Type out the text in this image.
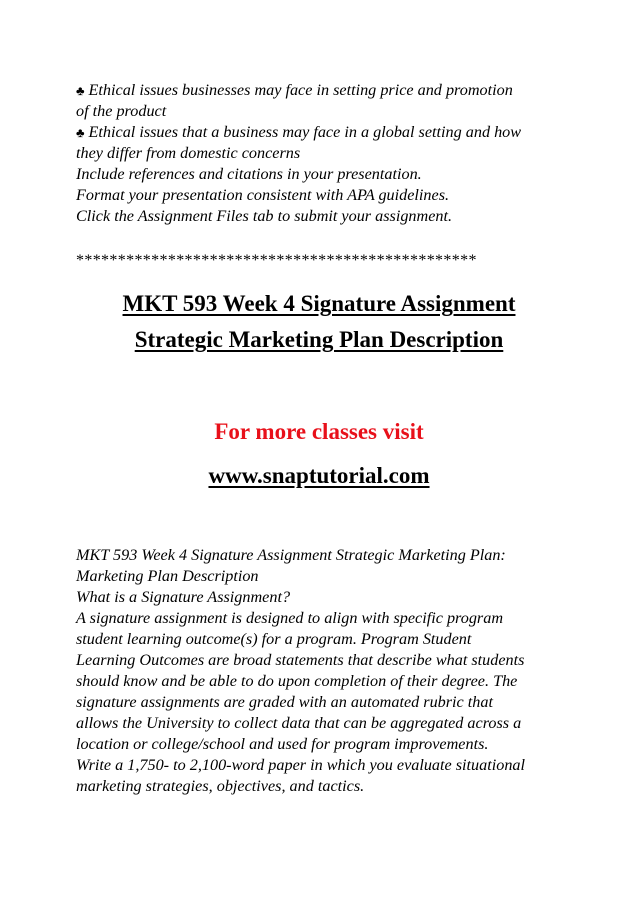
♣ Ethical issues businesses may face in setting price and promotion
of the product
♣ Ethical issues that a business may face in a global setting and how
they differ from domestic concerns
Include references and citations in your presentation.
Format your presentation consistent with APA guidelines.
Click the Assignment Files tab to submit your assignment.
************************************************
MKT 593 Week 4 Signature Assignment
Strategic Marketing Plan Description
For more classes visit
www.snaptutorial.com
MKT 593 Week 4 Signature Assignment Strategic Marketing Plan:
Marketing Plan Description
What is a Signature Assignment?
A signature assignment is designed to align with specific program
student learning outcome(s) for a program. Program Student
Learning Outcomes are broad statements that describe what students
should know and be able to do upon completion of their degree. The
signature assignments are graded with an automated rubric that
allows the University to collect data that can be aggregated across a
location or college/school and used for program improvements.
Write a 1,750- to 2,100-word paper in which you evaluate situational
marketing strategies, objectives, and tactics.
